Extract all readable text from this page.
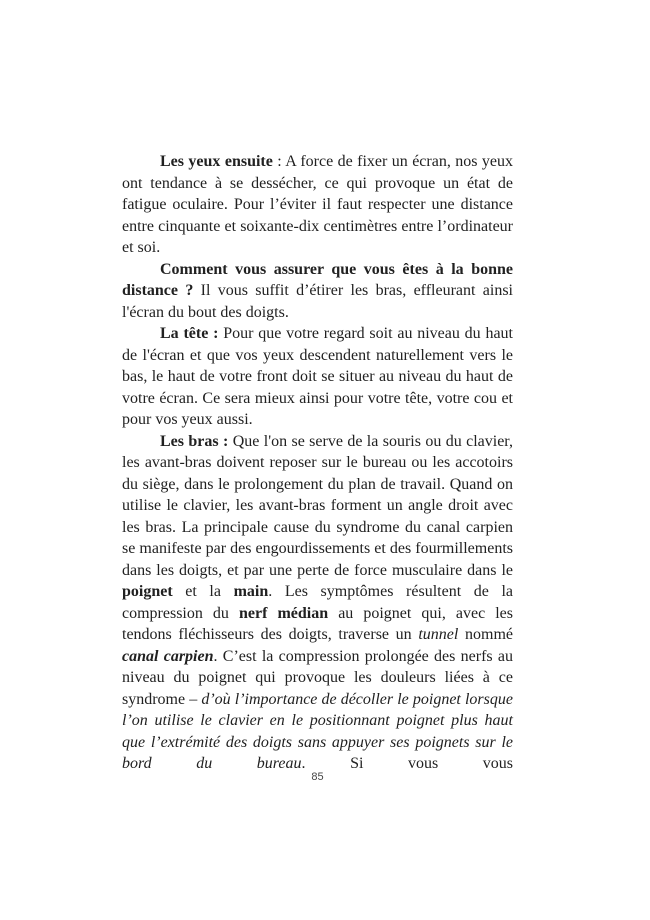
Les yeux ensuite : A force de fixer un écran, nos yeux ont tendance à se dessécher, ce qui provoque un état de fatigue oculaire. Pour l’éviter il faut respecter une distance entre cinquante et soixante-dix centimètres entre l’ordinateur et soi.

Comment vous assurer que vous êtes à la bonne distance ? Il vous suffit d’étirer les bras, effleurant ainsi l'écran du bout des doigts.

La tête : Pour que votre regard soit au niveau du haut de l'écran et que vos yeux descendent naturellement vers le bas, le haut de votre front doit se situer au niveau du haut de votre écran. Ce sera mieux ainsi pour votre tête, votre cou et pour vos yeux aussi.

Les bras : Que l'on se serve de la souris ou du clavier, les avant-bras doivent reposer sur le bureau ou les accotoirs du siège, dans le prolongement du plan de travail. Quand on utilise le clavier, les avant-bras forment un angle droit avec les bras. La principale cause du syndrome du canal carpien se manifeste par des engourdissements et des fourmillements dans les doigts, et par une perte de force musculaire dans le poignet et la main. Les symptômes résultent de la compression du nerf médian au poignet qui, avec les tendons fléchisseurs des doigts, traverse un tunnel nommé canal carpien. C’est la compression prolongée des nerfs au niveau du poignet qui provoque les douleurs liées à ce syndrome – d’où l’importance de décoller le poignet lorsque l’on utilise le clavier en le positionnant poignet plus haut que l’extrémité des doigts sans appuyer ses poignets sur le bord du bureau. Si vous vous

85
